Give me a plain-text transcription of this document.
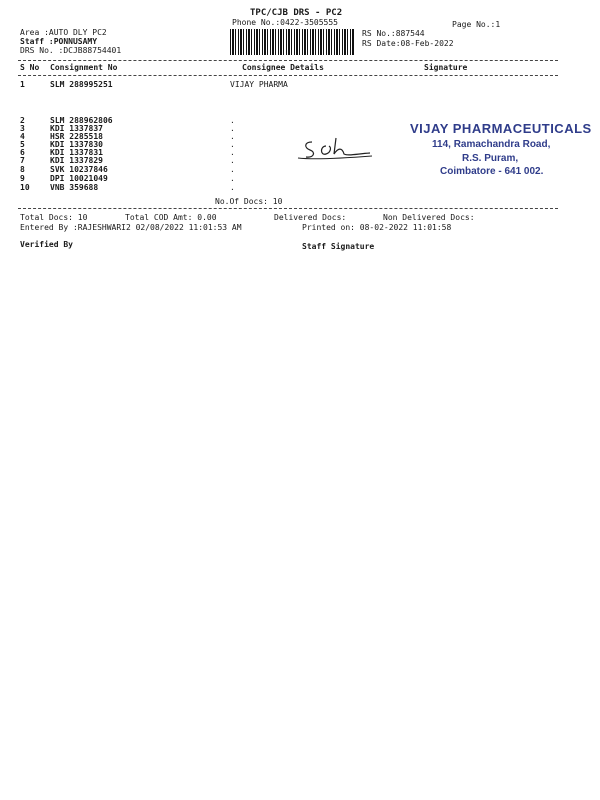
TPC/CJB DRS - PC2
Phone No.:0422-3505555	Page No.:1
Area :AUTO DLY PC2
Staff :PONNUSAMY
DRS No. :DCJB88754401
RS No.:887544
RS Date:08-Feb-2022
S No Consignment No	Consignee Details	Signature
1	SLM 288995251	VIJAY PHARMA
2	SLM 288962806	.
3	KDI 1337837	.
4	HSR 2285518	.
5	KDI 1337830	.
6	KDI 1337831	.
7	KDI 1337829	.
8	SVK 10237846	.
9	DPI 10021049	.
10	VNB 359688	.
VIJAY PHARMACEUTICALS
114, Ramachandra Road,
R.S. Puram,
Coimbatore - 641 002.
No.Of Docs: 10
Total Docs: 10	Total COD Amt: 0.00	Delivered Docs:	Non Delivered Docs:
Entered By :RAJESHWARI2 02/08/2022 11:01:53 AM	Printed on: 08-02-2022 11:01:58
Verified By	Staff Signature
